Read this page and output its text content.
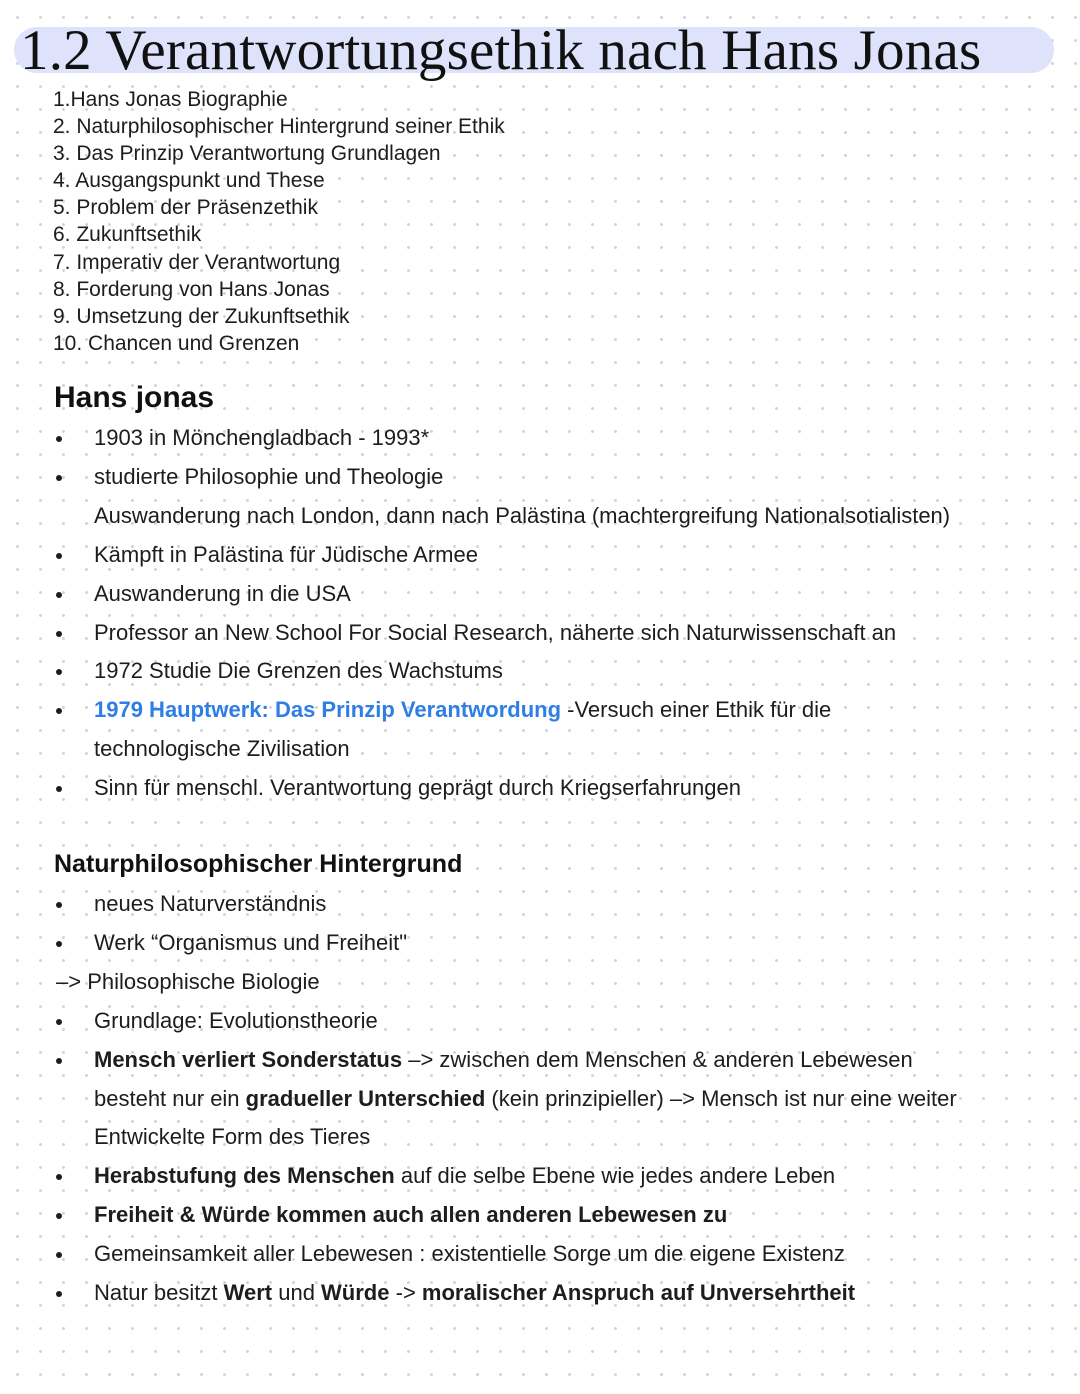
1.2 Verantwortungsethik nach Hans Jonas
1.Hans Jonas Biographie
2. Naturphilosophischer Hintergrund seiner Ethik
3. Das Prinzip Verantwortung Grundlagen
4. Ausgangspunkt und These
5. Problem der Präsenzethik
6. Zukunftsethik
7. Imperativ der Verantwortung
8. Forderung von Hans Jonas
9. Umsetzung der Zukunftsethik
10. Chancen und Grenzen
Hans jonas
1903 in Mönchengladbach - 1993*
studierte Philosophie und Theologie
Auswanderung nach London, dann nach Palästina (machtergreifung Nationalsotialisten)
Kämpft in Palästina für Jüdische Armee
Auswanderung in die USA
Professor an New School For Social Research, näherte sich Naturwissenschaft an
1972 Studie Die Grenzen des Wachstums
1979 Hauptwerk: Das Prinzip Verantwordung -Versuch einer Ethik für die
technologische Zivilisation
Sinn für menschl. Verantwortung geprägt durch Kriegserfahrungen
Naturphilosophischer Hintergrund
neues Naturverständnis
Werk “Organismus und Freiheit"
–> Philosophische Biologie
Grundlage: Evolutionstheorie
Mensch verliert Sonderstatus –> zwischen dem Menschen & anderen Lebewesen
besteht nur ein gradueller Unterschied (kein prinzipieller) –> Mensch ist nur eine weiter
Entwickelte Form des Tieres
Herabstufung des Menschen auf die selbe Ebene wie jedes andere Leben
Freiheit & Würde kommen auch allen anderen Lebewesen zu
Gemeinsamkeit aller Lebewesen : existentielle Sorge um die eigene Existenz
Natur besitzt Wert und Würde -> moralischer Anspruch auf Unversehrtheit
